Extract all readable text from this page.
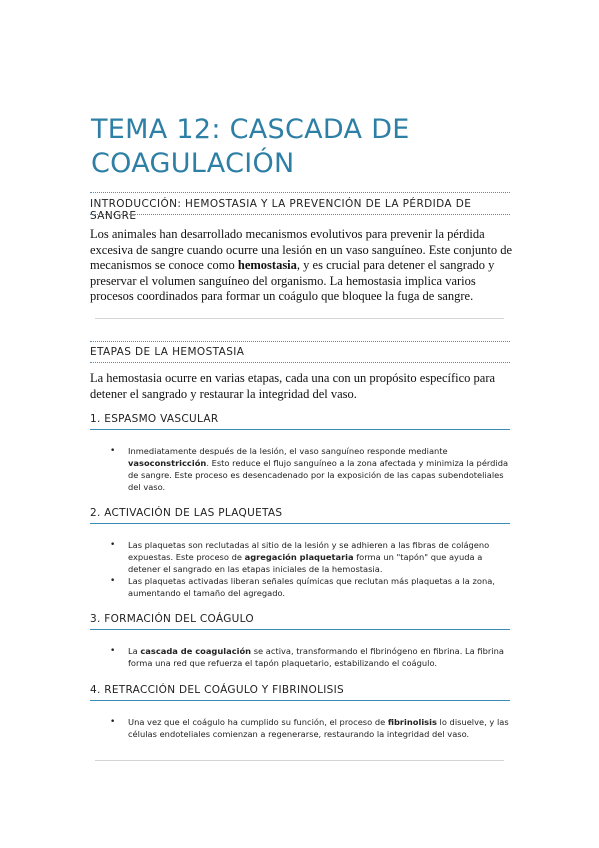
TEMA 12: CASCADA DE COAGULACIÓN
INTRODUCCIÓN: HEMOSTASIA Y LA PREVENCIÓN DE LA PÉRDIDA DE SANGRE
Los animales han desarrollado mecanismos evolutivos para prevenir la pérdida excesiva de sangre cuando ocurre una lesión en un vaso sanguíneo. Este conjunto de mecanismos se conoce como hemostasia, y es crucial para detener el sangrado y preservar el volumen sanguíneo del organismo. La hemostasia implica varios procesos coordinados para formar un coágulo que bloquee la fuga de sangre.
ETAPAS DE LA HEMOSTASIA
La hemostasia ocurre en varias etapas, cada una con un propósito específico para detener el sangrado y restaurar la integridad del vaso.
1. ESPASMO VASCULAR
• Inmediatamente después de la lesión, el vaso sanguíneo responde mediante vasoconstricción. Esto reduce el flujo sanguíneo a la zona afectada y minimiza la pérdida de sangre. Este proceso es desencadenado por la exposición de las capas subendoteliales del vaso.
2. ACTIVACIÓN DE LAS PLAQUETAS
• Las plaquetas son reclutadas al sitio de la lesión y se adhieren a las fibras de colágeno expuestas. Este proceso de agregación plaquetaria forma un "tapón" que ayuda a detener el sangrado en las etapas iniciales de la hemostasia.
• Las plaquetas activadas liberan señales químicas que reclutan más plaquetas a la zona, aumentando el tamaño del agregado.
3. FORMACIÓN DEL COÁGULO
• La cascada de coagulación se activa, transformando el fibrinógeno en fibrina. La fibrina forma una red que refuerza el tapón plaquetario, estabilizando el coágulo.
4. RETRACCIÓN DEL COÁGULO Y FIBRINOLISIS
• Una vez que el coágulo ha cumplido su función, el proceso de fibrinolisis lo disuelve, y las células endoteliales comienzan a regenerarse, restaurando la integridad del vaso.
